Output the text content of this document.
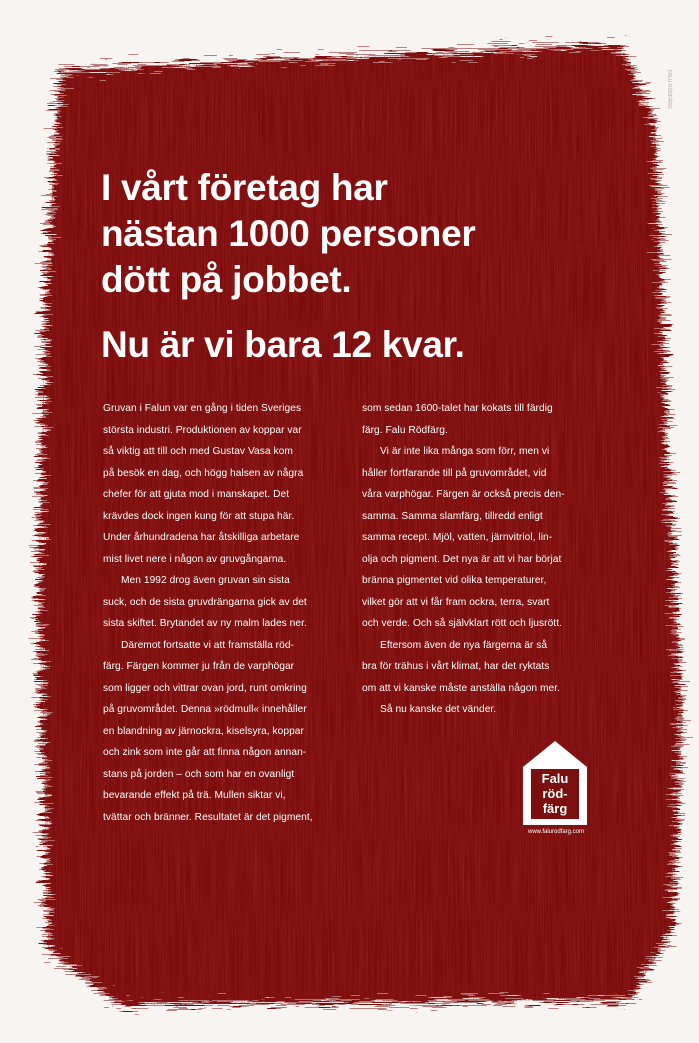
FALU RÖDFÄRG
I vårt företag har
nästan 1000 personer
dött på jobbet.
Nu är vi bara 12 kvar.
Gruvan i Falun var en gång i tiden Sveriges
största industri. Produktionen av koppar var
så viktig att till och med Gustav Vasa kom
på besök en dag, och högg halsen av några
chefer för att gjuta mod i manskapet. Det
krävdes dock ingen kung för att stupa här.
Under århundradena har åtskilliga arbetare
mist livet nere i någon av gruvgångarna.
Men 1992 drog även gruvan sin sista
suck, och de sista gruvdrängarna gick av det
sista skiftet. Brytandet av ny malm lades ner.
Däremot fortsatte vi att framställa röd-
färg. Färgen kommer ju från de varphögar
som ligger och vittrar ovan jord, runt omkring
på gruvområdet. Denna »rödmull« innehåller
en blandning av järnockra, kiselsyra, koppar
och zink som inte går att finna någon annan-
stans på jorden – och som har en ovanligt
bevarande effekt på trä. Mullen siktar vi,
tvättar och bränner. Resultatet är det pigment,
som sedan 1600-talet har kokats till färdig
färg. Falu Rödfärg.
Vi är inte lika många som förr, men vi
håller fortfarande till på gruvområdet, vid
våra varphögar. Färgen är också precis den-
samma. Samma slamfärg, tillredd enligt
samma recept. Mjöl, vatten, järnvitriol, lin-
olja och pigment. Det nya är att vi har börjat
bränna pigmentet vid olika temperaturer,
vilket gör att vi får fram ockra, terra, svart
och verde. Och så självklart rött och ljusrött.
Eftersom även de nya färgerna är så
bra för trähus i vårt klimat, har det ryktats
om att vi kanske måste anställa någon mer.
Så nu kanske det vänder.
Falu
röd-
färg
www.falurodfarg.com
